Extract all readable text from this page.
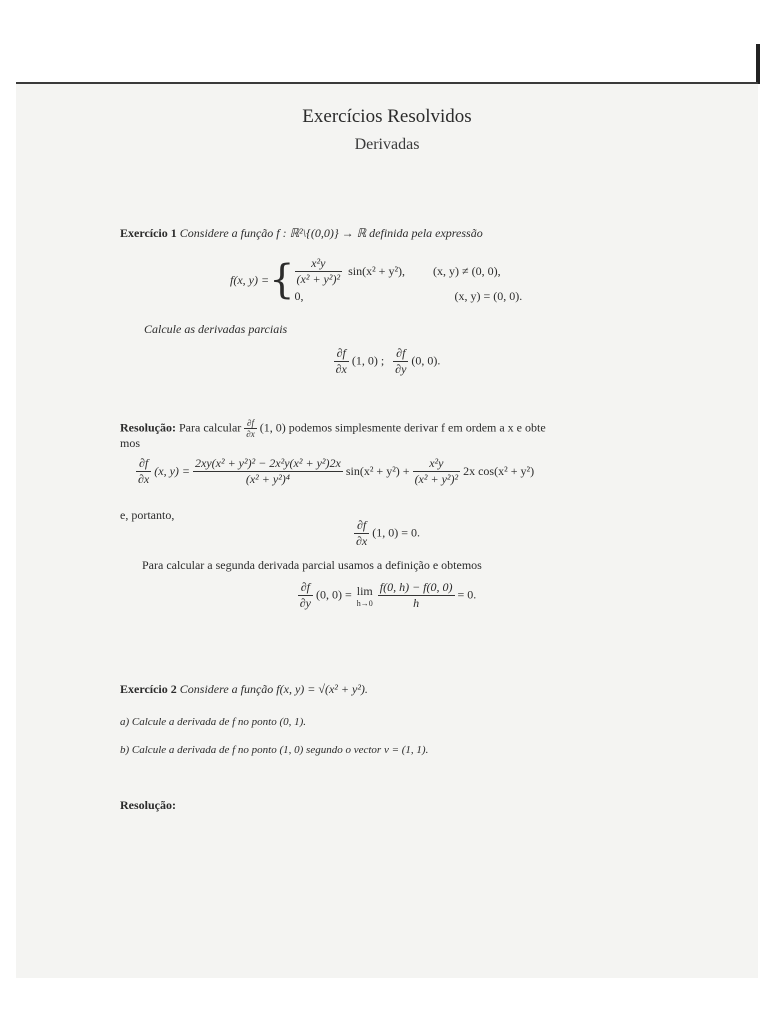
Exercícios Resolvidos
Derivadas
Exercício 1 Considere a função f : ℝ²\{(0,0)} → ℝ definida pela expressão
f(x, y) = { $\frac{\text{x²y}}{\text{(x² + y²)²}} \sin(x^2 + y^2)$, (x, y) ≠ (0, 0),
0,	(x, y) = (0, 0).
Calcule as derivadas parciais
$\frac{\partial f}{\partial x} (1$, 0) ; $\frac{\partial f}{\partial y} (0$, 0).
Resolução: Para calcular $\frac{\partial f}{\partial x} (1$, 0) podemos simplesmente derivar f em ordem a x e obte
mos
$\frac{\partial f}{\partial x} (x$, $y) = \frac{\text{2xy(x² + y²)² − 2x²y(x² + y²)2x}}{\text{(x² + y²)⁴}} \sin(x^2 + y^2) + \frac{\text{x²y}}{\text{(x² + y²)²}} 2x$ cos(x² + y²)
e, portanto,
$\frac{\partial f}{\partial x} (1$, 0) = 0.
Para calcular a segunda derivada parcial usamos a definição e obtemos
$\frac{\partial f}{\partial y} (0$, 0) = lim
h→0
$\frac{f(0, h) - f(0, 0)}{h} = 0$.
Exercício 2 Considere a função f(x, y) = √(x² + y²).
a) Calcule a derivada de f no ponto (0, 1).
b) Calcule a derivada de f no ponto (1, 0) segundo o vector v = (1, 1).
Resolução:
